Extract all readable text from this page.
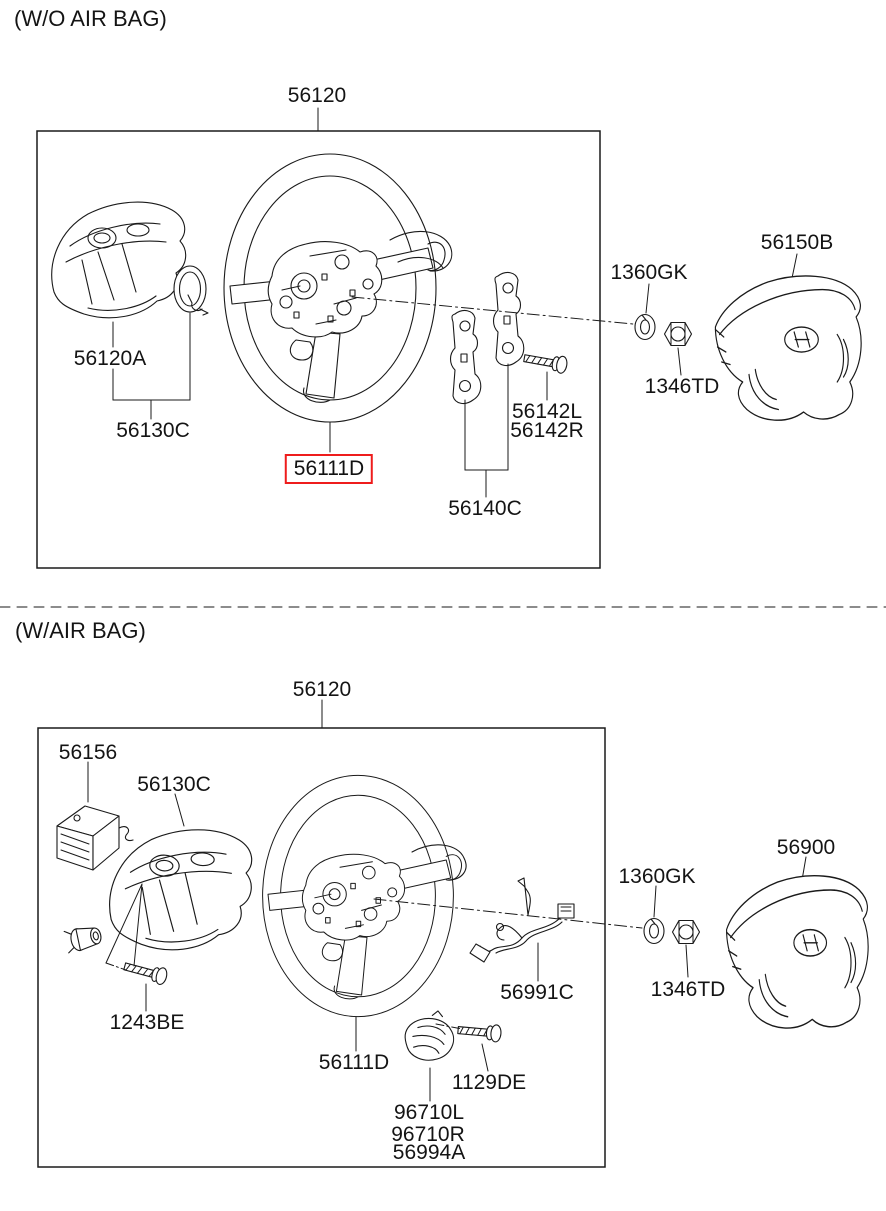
(W/O AIR BAG)
56120
56120A
56130C
56111D
56140C
56142L
56142R
1360GK
1346TD
56150B
(W/AIR BAG)
56120
56156
56130C
1243BE
56111D
56991C
1129DE
96710L
96710R
56994A
1360GK
1346TD
56900
